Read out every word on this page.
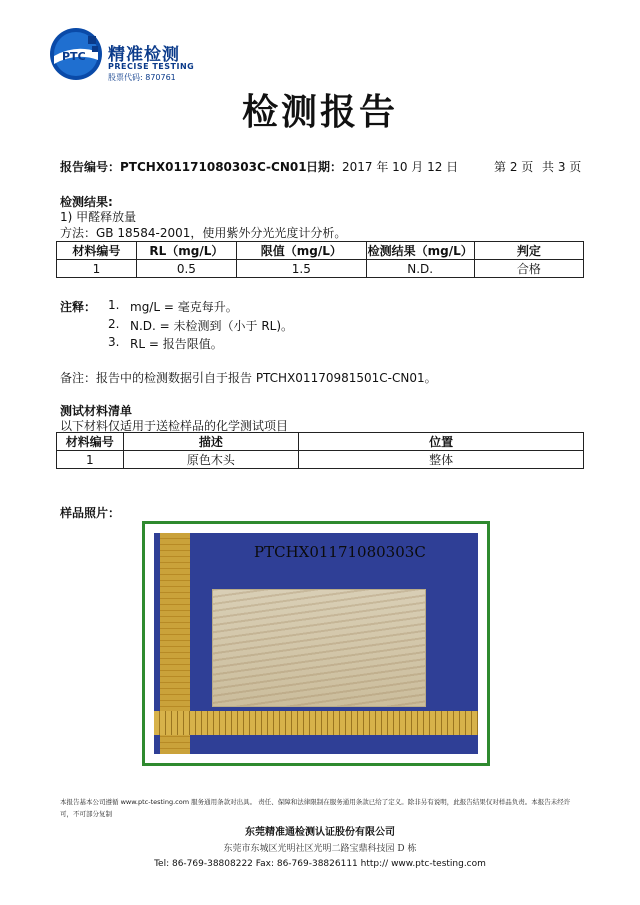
PTC 精准检测
PRECISE TESTING
股票代码: 870761
检测报告
报告编号：PTCHX01171080303C-CN01 日期：2017 年 10 月 12 日	第 2 页 共 3 页
检测结果:
1) 甲醛释放量
方法：GB 18584-2001，使用紫外分光光度计分析。
材料编号	RL（mg/L）	限值（mg/L）	检测结果（mg/L）	判定
1	0.5	1.5	N.D.	合格
注释： 1. mg/L = 毫克每升。
2. N.D. = 未检测到（小于 RL)。
3. RL = 报告限值。
备注：报告中的检测数据引自于报告 PTCHX01170981501C-CN01。
测试材料清单
以下材料仅适用于送检样品的化学测试项目
材料编号	描述	位置
1	原色木头	整体
样品照片：
PTCHX01171080303C
本报告基本公司遵循 www.ptc-testing.com 服务通用条款对出具。 责任、保障和法律限制在服务通用条款已给了定义。除非另有说明，此报告结果仅对样品负责。本报告未经许可，不可部分复制
东莞精准通检测认证股份有限公司
东莞市东城区光明社区光明二路宝鼎科技园 D 栋
Tel: 86-769-38808222 Fax: 86-769-38826111 http:// www.ptc-testing.com
